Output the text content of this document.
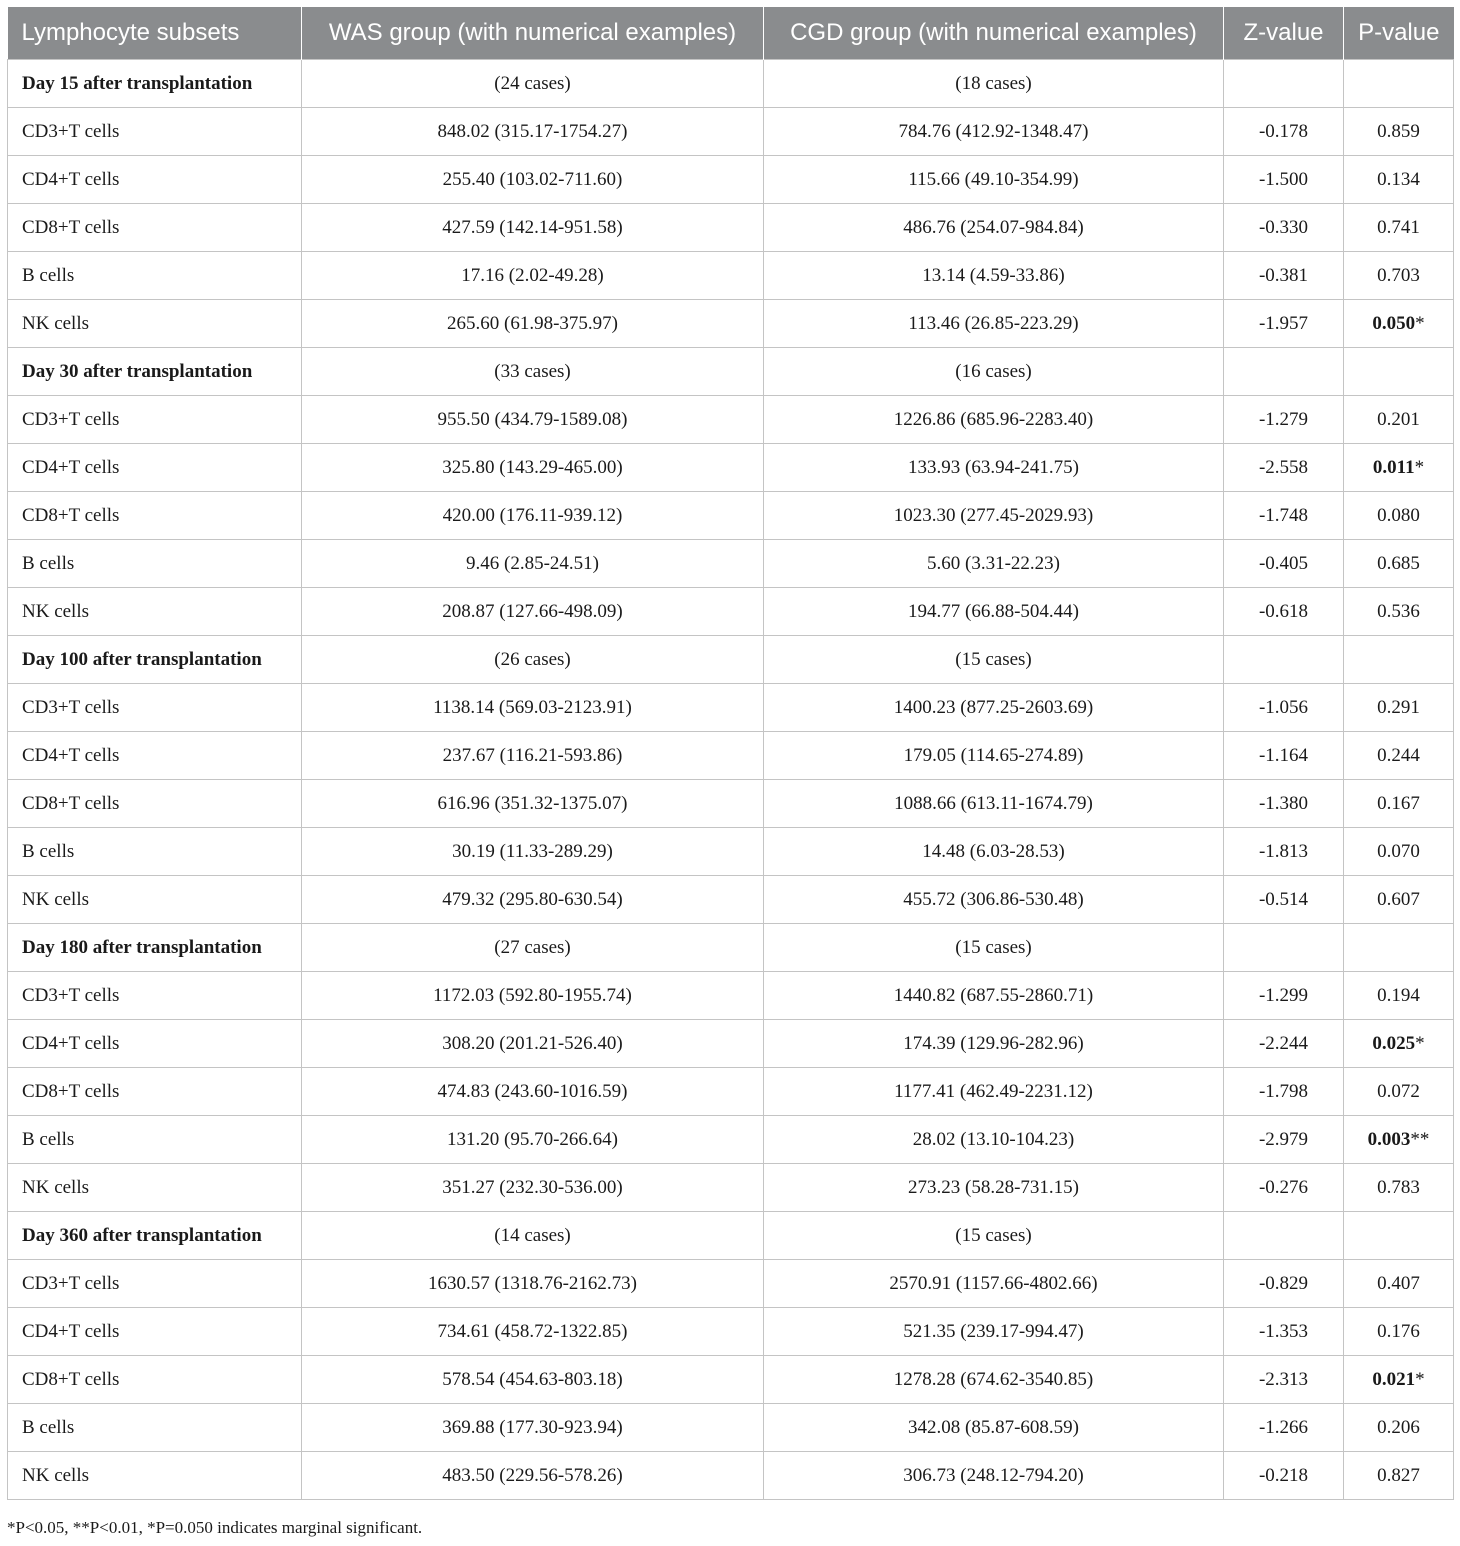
Lymphocyte subsets	WAS group (with numerical examples)	CGD group (with numerical examples)	Z-value	P-value
Day 15 after transplantation	(24 cases)	(18 cases)		
CD3+T cells	848.02 (315.17-1754.27)	784.76 (412.92-1348.47)	-0.178	0.859
CD4+T cells	255.40 (103.02-711.60)	115.66 (49.10-354.99)	-1.500	0.134
CD8+T cells	427.59 (142.14-951.58)	486.76 (254.07-984.84)	-0.330	0.741
B cells	17.16 (2.02-49.28)	13.14 (4.59-33.86)	-0.381	0.703
NK cells	265.60 (61.98-375.97)	113.46 (26.85-223.29)	-1.957	0.050*
Day 30 after transplantation	(33 cases)	(16 cases)		
CD3+T cells	955.50 (434.79-1589.08)	1226.86 (685.96-2283.40)	-1.279	0.201
CD4+T cells	325.80 (143.29-465.00)	133.93 (63.94-241.75)	-2.558	0.011*
CD8+T cells	420.00 (176.11-939.12)	1023.30 (277.45-2029.93)	-1.748	0.080
B cells	9.46 (2.85-24.51)	5.60 (3.31-22.23)	-0.405	0.685
NK cells	208.87 (127.66-498.09)	194.77 (66.88-504.44)	-0.618	0.536
Day 100 after transplantation	(26 cases)	(15 cases)		
CD3+T cells	1138.14 (569.03-2123.91)	1400.23 (877.25-2603.69)	-1.056	0.291
CD4+T cells	237.67 (116.21-593.86)	179.05 (114.65-274.89)	-1.164	0.244
CD8+T cells	616.96 (351.32-1375.07)	1088.66 (613.11-1674.79)	-1.380	0.167
B cells	30.19 (11.33-289.29)	14.48 (6.03-28.53)	-1.813	0.070
NK cells	479.32 (295.80-630.54)	455.72 (306.86-530.48)	-0.514	0.607
Day 180 after transplantation	(27 cases)	(15 cases)		
CD3+T cells	1172.03 (592.80-1955.74)	1440.82 (687.55-2860.71)	-1.299	0.194
CD4+T cells	308.20 (201.21-526.40)	174.39 (129.96-282.96)	-2.244	0.025*
CD8+T cells	474.83 (243.60-1016.59)	1177.41 (462.49-2231.12)	-1.798	0.072
B cells	131.20 (95.70-266.64)	28.02 (13.10-104.23)	-2.979	0.003**
NK cells	351.27 (232.30-536.00)	273.23 (58.28-731.15)	-0.276	0.783
Day 360 after transplantation	(14 cases)	(15 cases)		
CD3+T cells	1630.57 (1318.76-2162.73)	2570.91 (1157.66-4802.66)	-0.829	0.407
CD4+T cells	734.61 (458.72-1322.85)	521.35 (239.17-994.47)	-1.353	0.176
CD8+T cells	578.54 (454.63-803.18)	1278.28 (674.62-3540.85)	-2.313	0.021*
B cells	369.88 (177.30-923.94)	342.08 (85.87-608.59)	-1.266	0.206
NK cells	483.50 (229.56-578.26)	306.73 (248.12-794.20)	-0.218	0.827
*P<0.05, **P<0.01, *P=0.050 indicates marginal significant.
